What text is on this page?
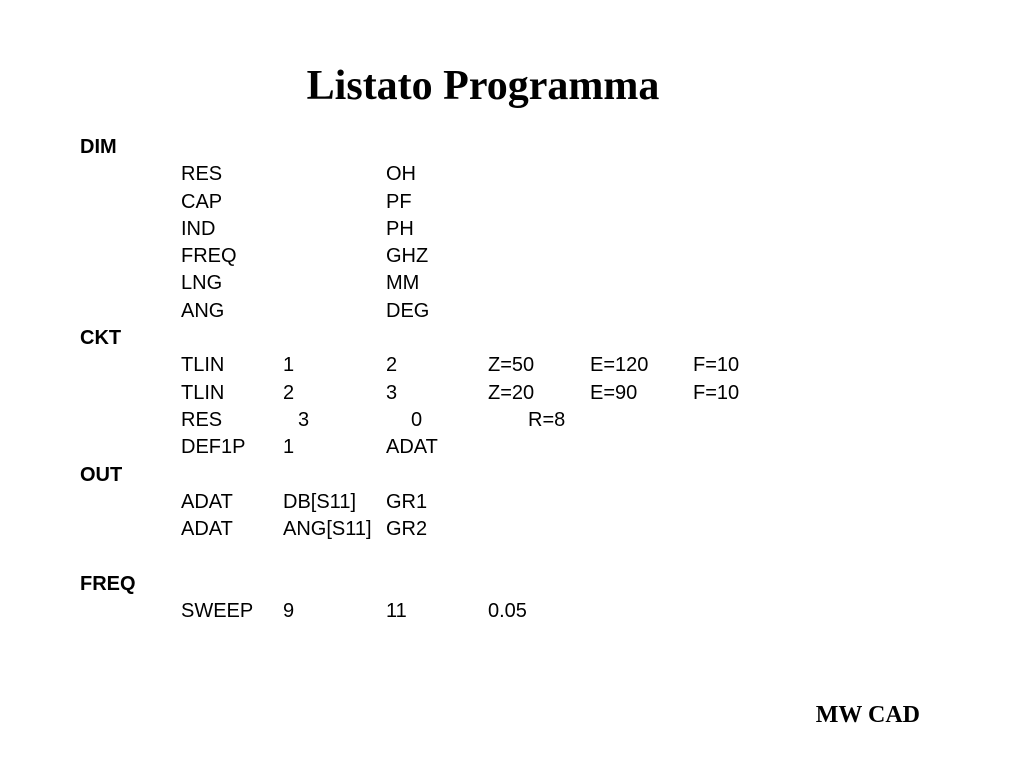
Listato Programma
DIM
RES	OH
CAP	PF
IND	PH
FREQ	GHZ
LNG	MM
ANG	DEG
CKT
TLIN	1	2	Z=50	E=120 F=10
TLIN	2	3	Z=20	E=90	F=10
RES	3	0	R=8
DEF1P 1	ADAT
OUT
ADAT	DB[S11] GR1
ADAT	ANG[S11] GR2
FREQ
SWEEP 9	11	0.05
MW CAD
